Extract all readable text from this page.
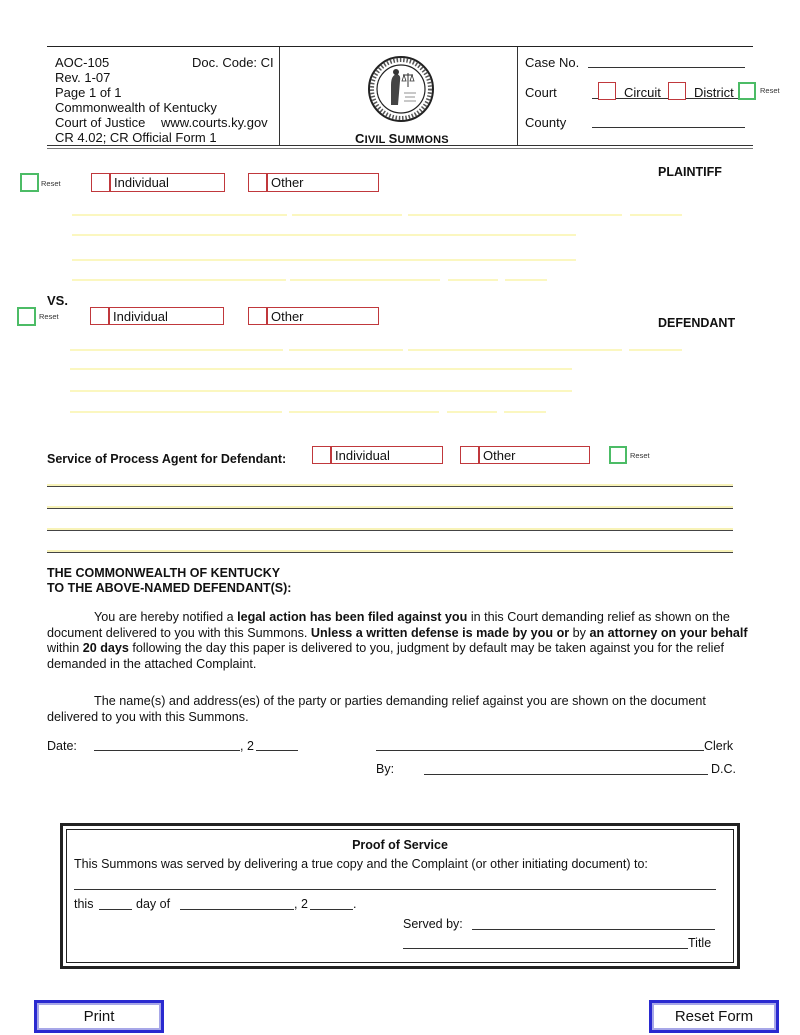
AOC-105	Doc. Code: CI
Rev. 1-07
Page 1 of 1
Commonwealth of Kentucky
Court of Justice www.courts.ky.gov
CR 4.02; CR Official Form 1	CIVIL SUMMONS
Case No.
Court	Circuit	District	Reset
County
PLAINTIFF
Reset	Individual	Other
VS.
DEFENDANT
Reset	Individual	Other
Service of Process Agent for Defendant:	Individual	Other	Reset
THE COMMONWEALTH OF KENTUCKY
TO THE ABOVE-NAMED DEFENDANT(S):
You are hereby notified a legal action has been filed against you in this Court demanding relief as shown on the document delivered to you with this Summons. Unless a written defense is made by you or by an attorney on your behalf within 20 days following the day this paper is delivered to you, judgment by default may be taken against you for the relief demanded in the attached Complaint.
The name(s) and address(es) of the party or parties demanding relief against you are shown on the document delivered to you with this Summons.
Date:	, 2	Clerk
By:	D.C.
Proof of Service
This Summons was served by delivering a true copy and the Complaint (or other initiating document) to:
this	day of	, 2	.
Served by:
Title
Print	Reset Form
